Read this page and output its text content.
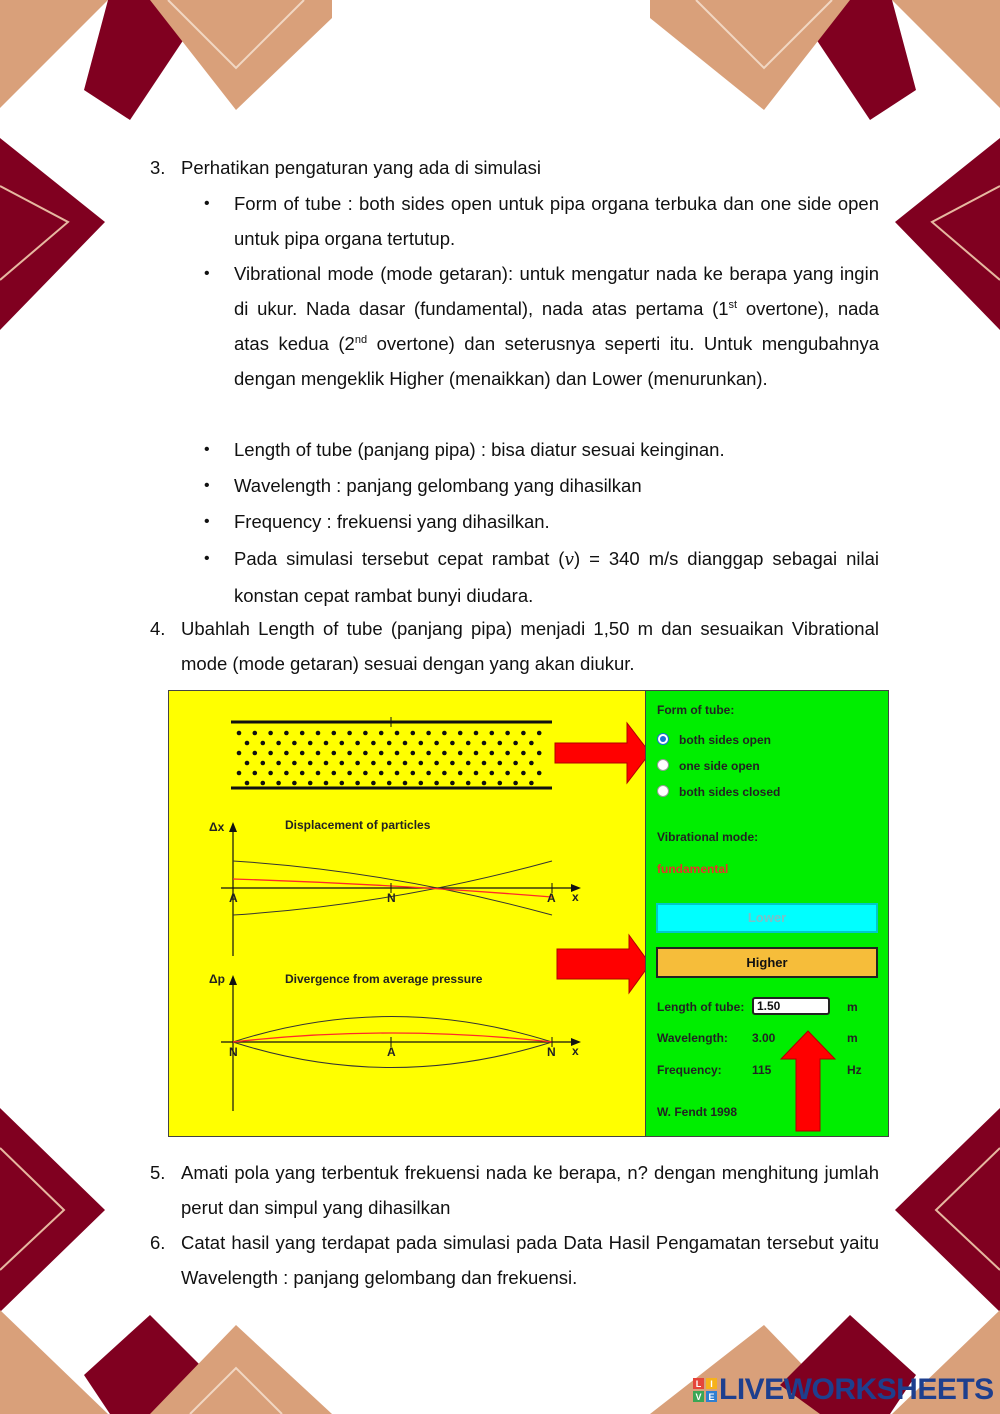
3. Perhatikan pengaturan yang ada di simulasi
• Form of tube : both sides open untuk pipa organa terbuka dan one side open untuk pipa organa tertutup.
• Vibrational mode (mode getaran): untuk mengatur nada ke berapa yang ingin di ukur. Nada dasar (fundamental), nada atas pertama (1st overtone), nada atas kedua (2nd overtone) dan seterusnya seperti itu. Untuk mengubahnya dengan mengeklik Higher (menaikkan) dan Lower (menurunkan).
• Length of tube (panjang pipa) : bisa diatur sesuai keinginan.
• Wavelength : panjang gelombang yang dihasilkan
• Frequency : frekuensi yang dihasilkan.
• Pada simulasi tersebut cepat rambat (v) = 340 m/s dianggap sebagai nilai konstan cepat rambat bunyi diudara.
4. Ubahlah Length of tube (panjang pipa) menjadi 1,50 m dan sesuaikan Vibrational mode (mode getaran) sesuai dengan yang akan diukur.
Δx	Displacement of particles
x
A	N	A
Δp	Divergence from average pressure
x
N	A	N
Form of tube:
both sides open
one side open
both sides closed
Vibrational mode:
fundamental
Lower
Higher
Length of tube:
1.50	m
Wavelength: 3.00	m
Frequency:	115	Hz
W. Fendt 1998
5. Amati pola yang terbentuk frekuensi nada ke berapa, n? dengan menghitung jumlah perut dan simpul yang dihasilkan
6. Catat hasil yang terdapat pada simulasi pada Data Hasil Pengamatan tersebut yaitu Wavelength : panjang gelombang dan frekuensi.
L I
V E LIVEWORKSHEETS
